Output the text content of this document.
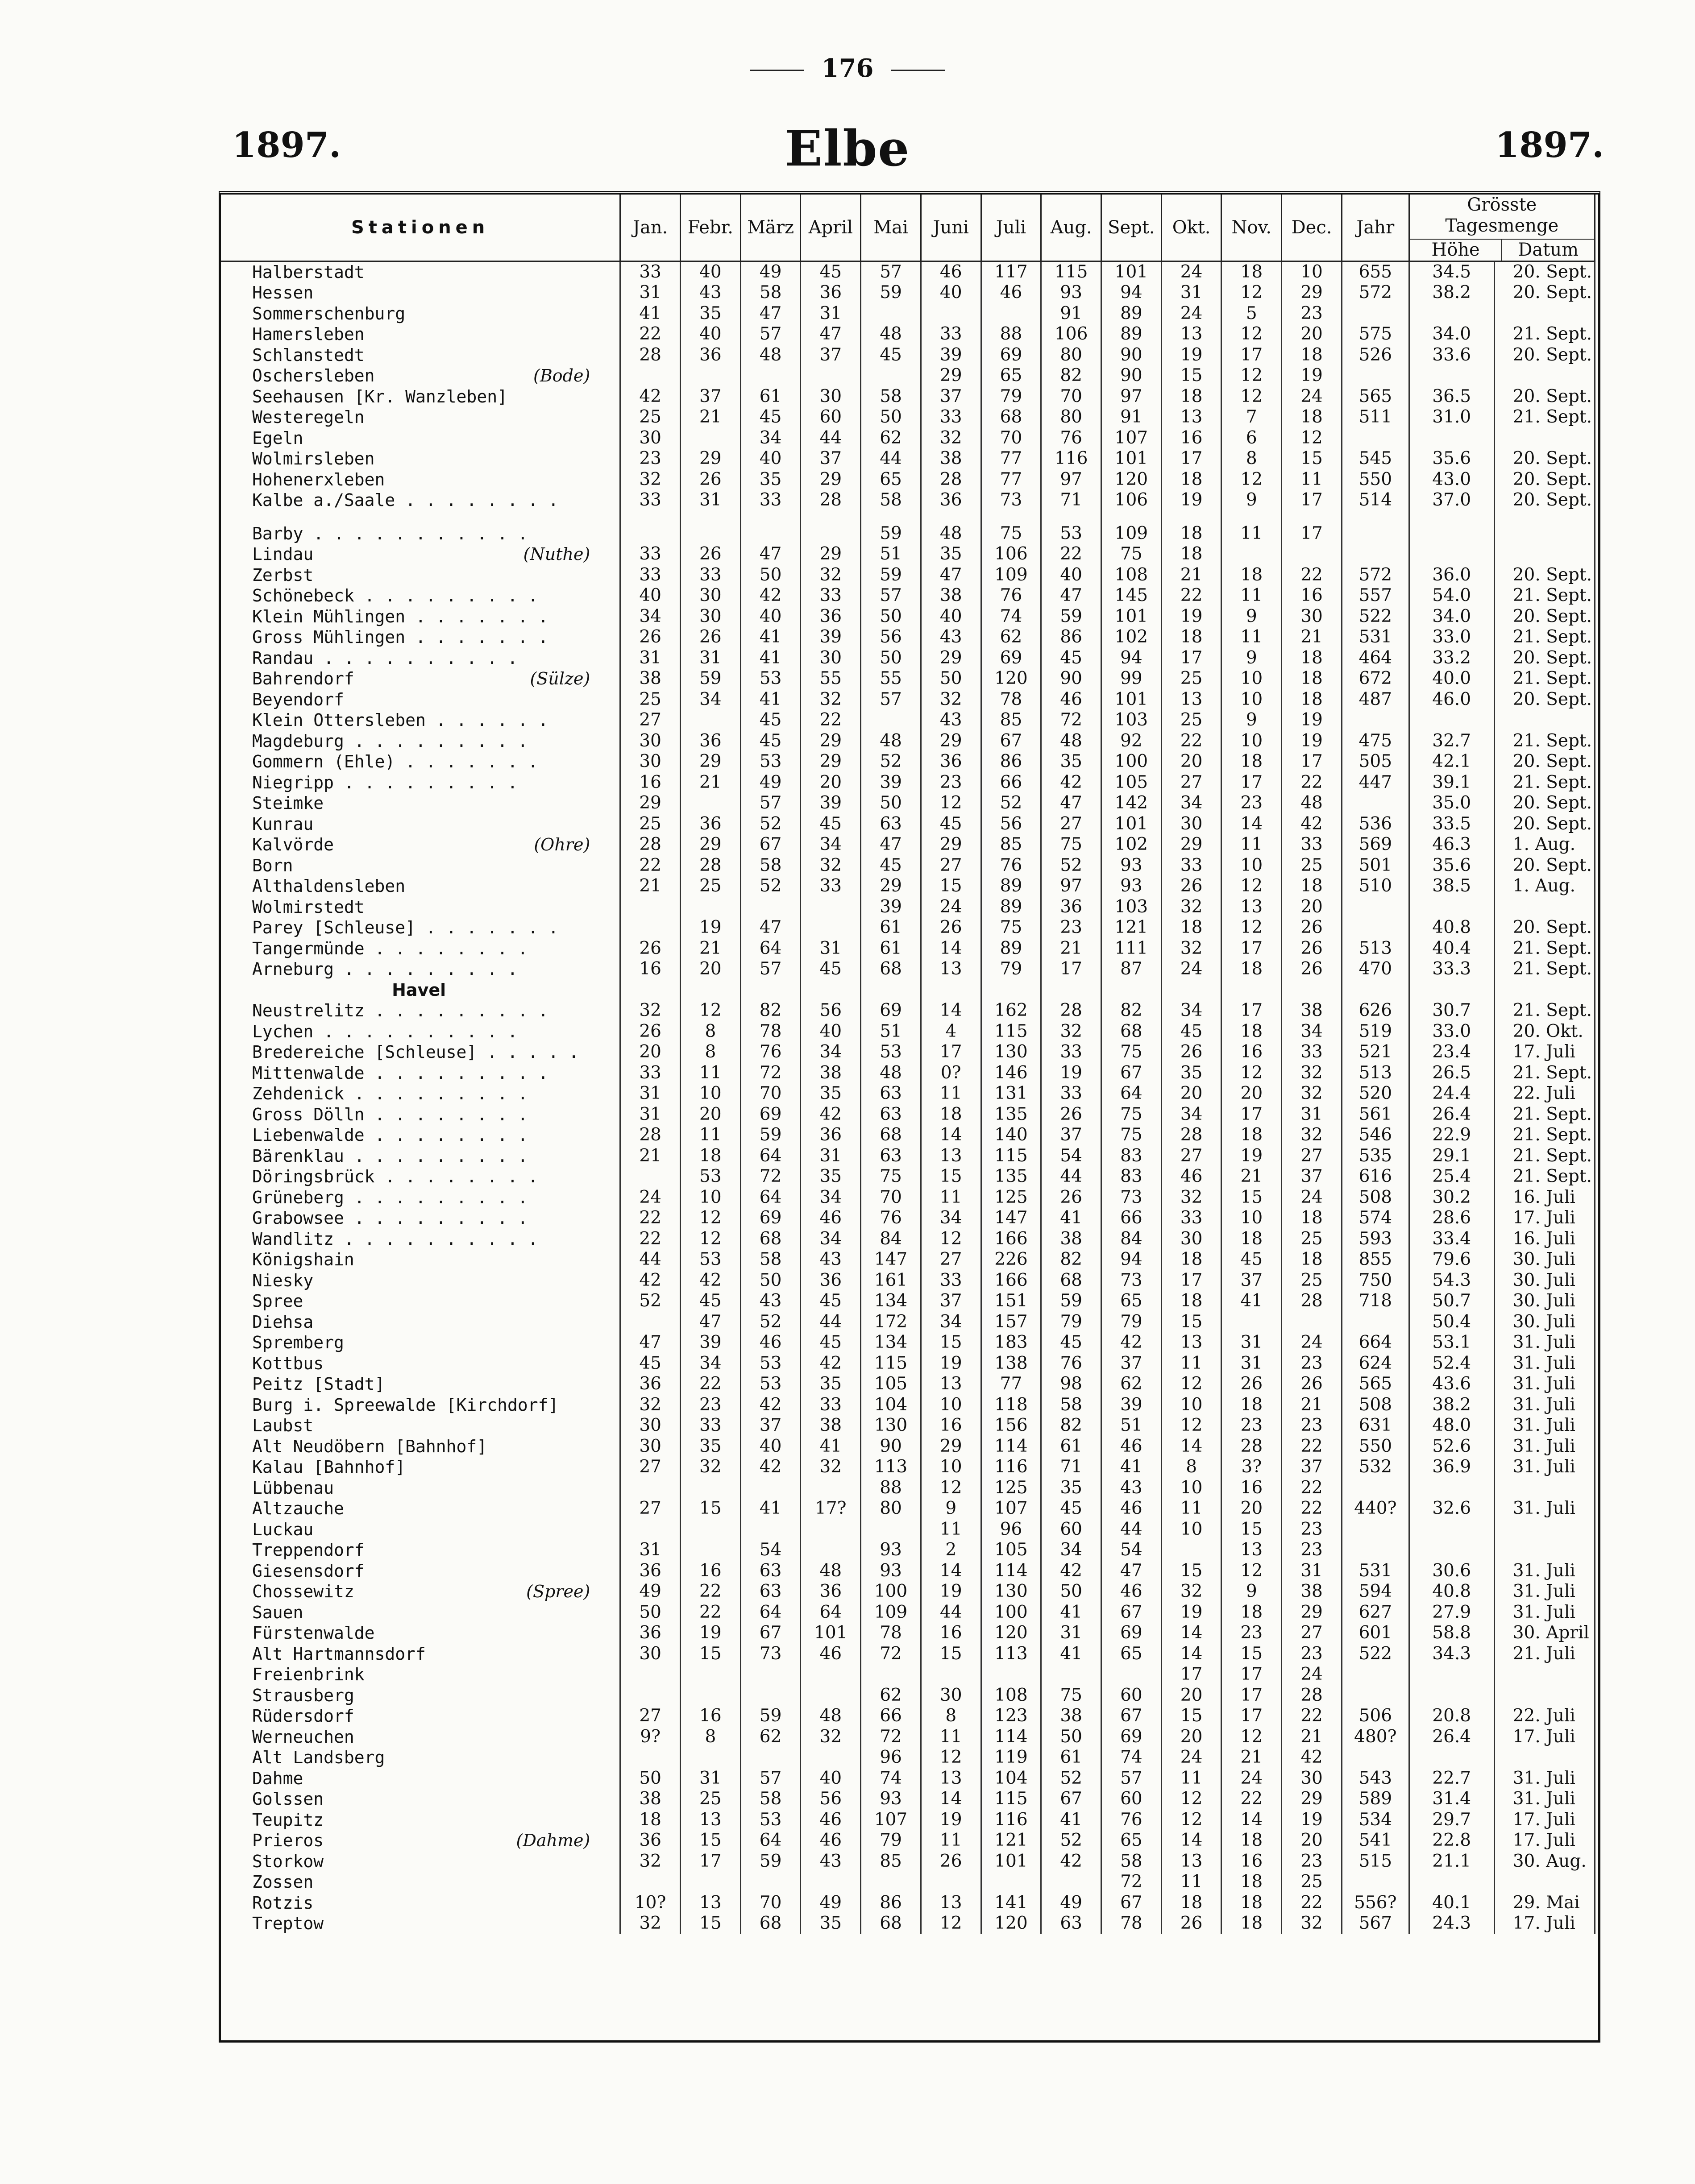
176
1897.	Elbe	1897.
Stationen	Jan.	Febr.	März	April	Mai	Juni	Juli	Aug.	Sept.	Okt.	Nov.	Dec.	Jahr	Grösste Tagesmenge
Höhe Datum	

Halberstadt	33	40	49	45	57	46	117	115	101	24	18	10	655	34.5	20. Sept.
Hessen	31	43	58	36	59	40	46	93	94	31	12	29	572	38.2	20. Sept.
Sommerschenburg	41	35	47	31				91	89	24	5	23			
Hamersleben	22	40	57	47	48	33	88	106	89	13	12	20	575	34.0	21. Sept.
Schlanstedt	28	36	48	37	45	39	69	80	90	19	17	18	526	33.6	20. Sept.
Oschersleben (Bode)						29	65	82	90	15	12	19			
Seehausen [Kr. Wanzleben]	42	37	61	30	58	37	79	70	97	18	12	24	565	36.5	20. Sept.
Westeregeln	25	21	45	60	50	33	68	80	91	13	7	18	511	31.0	21. Sept.
Egeln	30		34	44	62	32	70	76	107	16	6	12			
Wolmirsleben	23	29	40	37	44	38	77	116	101	17	8	15	545	35.6	20. Sept.
Hohenerxleben	32	26	35	29	65	28	77	97	120	18	12	11	550	43.0	20. Sept.
Kalbe a./Saale . . . . . . . .	33	31	33	28	58	36	73	71	106	19	9	17	514	37.0	20. Sept.

Barby . . . . . . . . . . .					59	48	75	53	109	18	11	17			
Lindau (Nuthe)	33	26	47	29	51	35	106	22	75	18					
Zerbst	33	33	50	32	59	47	109	40	108	21	18	22	572	36.0	20. Sept.
Schönebeck . . . . . . . . .	40	30	42	33	57	38	76	47	145	22	11	16	557	54.0	21. Sept.
Klein Mühlingen . . . . . . .	34	30	40	36	50	40	74	59	101	19	9	30	522	34.0	20. Sept.
Gross Mühlingen . . . . . . .	26	26	41	39	56	43	62	86	102	18	11	21	531	33.0	21. Sept.
Randau . . . . . . . . . .	31	31	41	30	50	29	69	45	94	17	9	18	464	33.2	20. Sept.
Bahrendorf (Sülze)	38	59	53	55	55	50	120	90	99	25	10	18	672	40.0	21. Sept.
Beyendorf	25	34	41	32	57	32	78	46	101	13	10	18	487	46.0	20. Sept.
Klein Ottersleben . . . . . .	27		45	22		43	85	72	103	25	9	19			
Magdeburg . . . . . . . . .	30	36	45	29	48	29	67	48	92	22	10	19	475	32.7	21. Sept.
Gommern (Ehle) . . . . . . .	30	29	53	29	52	36	86	35	100	20	18	17	505	42.1	20. Sept.
Niegripp . . . . . . . . .	16	21	49	20	39	23	66	42	105	27	17	22	447	39.1	21. Sept.
Steimke	29		57	39	50	12	52	47	142	34	23	48		35.0	20. Sept.
Kunrau	25	36	52	45	63	45	56	27	101	30	14	42	536	33.5	20. Sept.
Kalvörde (Ohre)	28	29	67	34	47	29	85	75	102	29	11	33	569	46.3	1. Aug.
Born	22	28	58	32	45	27	76	52	93	33	10	25	501	35.6	20. Sept.
Althaldensleben	21	25	52	33	29	15	89	97	93	26	12	18	510	38.5	1. Aug.
Wolmirstedt					39	24	89	36	103	32	13	20			
Parey [Schleuse] . . . . . . .		19	47		61	26	75	23	121	18	12	26		40.8	20. Sept.
Tangermünde . . . . . . . .	26	21	64	31	61	14	89	21	111	32	17	26	513	40.4	21. Sept.
Arneburg . . . . . . . . .	16	20	57	45	68	13	79	17	87	24	18	26	470	33.3	21. Sept.
Havel															
Neustrelitz . . . . . . . . .	32	12	82	56	69	14	162	28	82	34	17	38	626	30.7	21. Sept.
Lychen . . . . . . . . . .	26	8	78	40	51	4	115	32	68	45	18	34	519	33.0	20. Okt.
Bredereiche [Schleuse] . . . . .	20	8	76	34	53	17	130	33	75	26	16	33	521	23.4	17. Juli
Mittenwalde . . . . . . . . .	33	11	72	38	48	0?	146	19	67	35	12	32	513	26.5	21. Sept.
Zehdenick . . . . . . . . .	31	10	70	35	63	11	131	33	64	20	20	32	520	24.4	22. Juli
Gross Dölln . . . . . . . .	31	20	69	42	63	18	135	26	75	34	17	31	561	26.4	21. Sept.
Liebenwalde . . . . . . . .	28	11	59	36	68	14	140	37	75	28	18	32	546	22.9	21. Sept.
Bärenklau . . . . . . . . .	21	18	64	31	63	13	115	54	83	27	19	27	535	29.1	21. Sept.
Döringsbrück . . . . . . . .		53	72	35	75	15	135	44	83	46	21	37	616	25.4	21. Sept.
Grüneberg . . . . . . . . .	24	10	64	34	70	11	125	26	73	32	15	24	508	30.2	16. Juli
Grabowsee . . . . . . . . .	22	12	69	46	76	34	147	41	66	33	10	18	574	28.6	17. Juli
Wandlitz . . . . . . . . . .	22	12	68	34	84	12	166	38	84	30	18	25	593	33.4	16. Juli
Königshain	44	53	58	43	147	27	226	82	94	18	45	18	855	79.6	30. Juli
Niesky	42	42	50	36	161	33	166	68	73	17	37	25	750	54.3	30. Juli
Spree	52	45	43	45	134	37	151	59	65	18	41	28	718	50.7	30. Juli
Diehsa		47	52	44	172	34	157	79	79	15				50.4	30. Juli
Spremberg	47	39	46	45	134	15	183	45	42	13	31	24	664	53.1	31. Juli
Kottbus	45	34	53	42	115	19	138	76	37	11	31	23	624	52.4	31. Juli
Peitz [Stadt]	36	22	53	35	105	13	77	98	62	12	26	26	565	43.6	31. Juli
Burg i. Spreewalde [Kirchdorf]	32	23	42	33	104	10	118	58	39	10	18	21	508	38.2	31. Juli
Laubst	30	33	37	38	130	16	156	82	51	12	23	23	631	48.0	31. Juli
Alt Neudöbern [Bahnhof]	30	35	40	41	90	29	114	61	46	14	28	22	550	52.6	31. Juli
Kalau [Bahnhof]	27	32	42	32	113	10	116	71	41	8	3?	37	532	36.9	31. Juli
Lübbenau					88	12	125	35	43	10	16	22			
Altzauche	27	15	41	17?	80	9	107	45	46	11	20	22	440?	32.6	31. Juli
Luckau						11	96	60	44	10	15	23			
Treppendorf	31		54		93	2	105	34	54		13	23			
Giesensdorf	36	16	63	48	93	14	114	42	47	15	12	31	531	30.6	31. Juli
Chossewitz (Spree)	49	22	63	36	100	19	130	50	46	32	9	38	594	40.8	31. Juli
Sauen	50	22	64	64	109	44	100	41	67	19	18	29	627	27.9	31. Juli
Fürstenwalde	36	19	67	101	78	16	120	31	69	14	23	27	601	58.8	30. April
Alt Hartmannsdorf	30	15	73	46	72	15	113	41	65	14	15	23	522	34.3	21. Juli
Freienbrink										17	17	24			
Strausberg					62	30	108	75	60	20	17	28			
Rüdersdorf	27	16	59	48	66	8	123	38	67	15	17	22	506	20.8	22. Juli
Werneuchen	9?	8	62	32	72	11	114	50	69	20	12	21	480?	26.4	17. Juli
Alt Landsberg					96	12	119	61	74	24	21	42			
Dahme	50	31	57	40	74	13	104	52	57	11	24	30	543	22.7	31. Juli
Golssen	38	25	58	56	93	14	115	67	60	12	22	29	589	31.4	31. Juli
Teupitz	18	13	53	46	107	19	116	41	76	12	14	19	534	29.7	17. Juli
Prieros (Dahme)	36	15	64	46	79	11	121	52	65	14	18	20	541	22.8	17. Juli
Storkow	32	17	59	43	85	26	101	42	58	13	16	23	515	21.1	30. Aug.
Zossen									72	11	18	25			
Rotzis	10?	13	70	49	86	13	141	49	67	18	18	22	556?	40.1	29. Mai
Treptow	32	15	68	35	68	12	120	63	78	26	18	32	567	24.3	17. Juli
